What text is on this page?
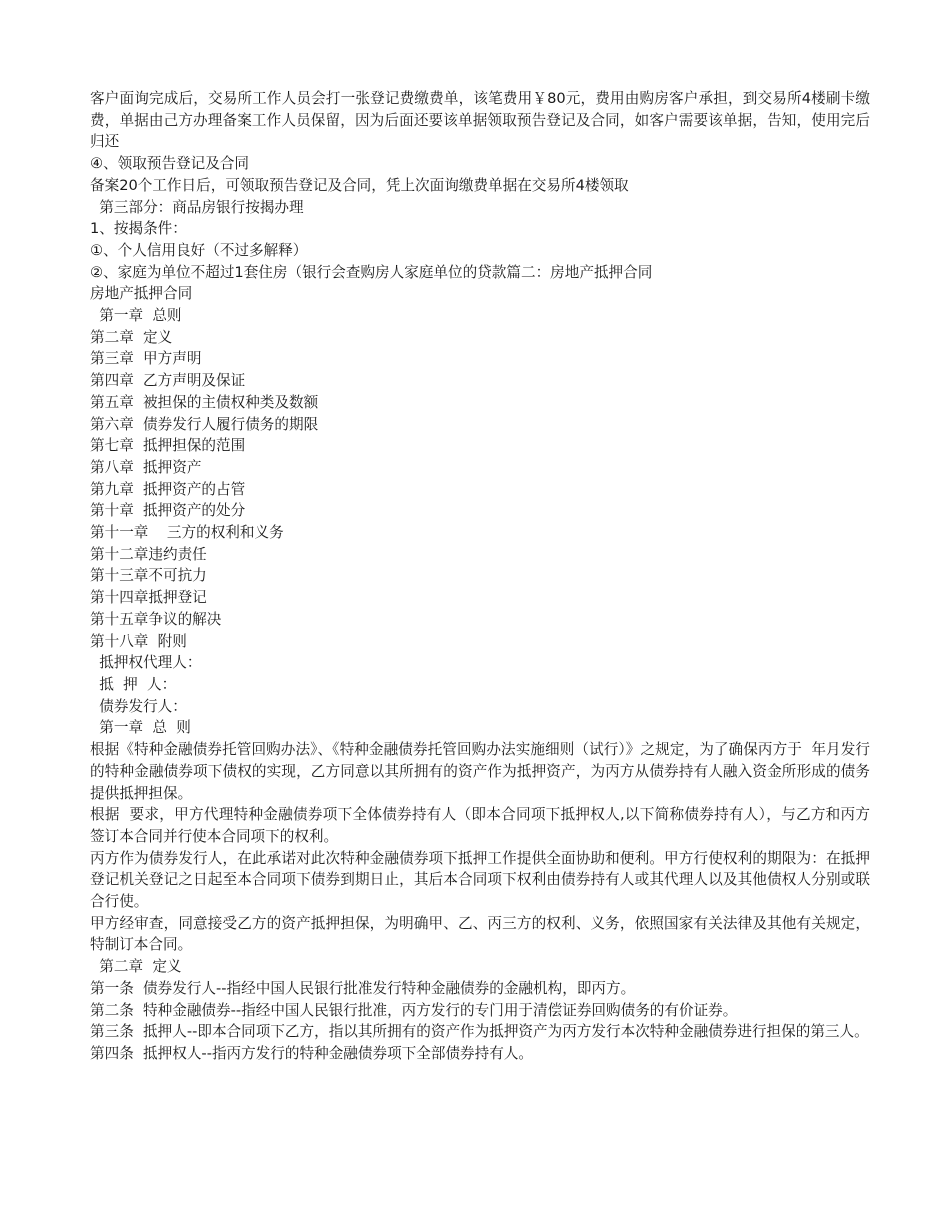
客户面询完成后，交易所工作人员会打一张登记费缴费单，该笔费用￥80元，费用由购房客户承担，到交易所4楼刷卡缴费，单据由己方办理备案工作人员保留，因为后面还要该单据领取预告登记及合同，如客户需要该单据，告知，使用完后归还

④、领取预告登记及合同

备案20个工作日后，可领取预告登记及合同，凭上次面询缴费单据在交易所4楼领取

第三部分：商品房银行按揭办理

1、按揭条件：

①、个人信用良好（不过多解释）

②、家庭为单位不超过1套住房（银行会查购房人家庭单位的贷款篇二：房地产抵押合同

房地产抵押合同

第一章  总则

第二章  定义

第三章  甲方声明

第四章  乙方声明及保证

第五章  被担保的主债权种类及数额

第六章  债券发行人履行债务的期限

第七章  抵押担保的范围

第八章  抵押资产

第九章  抵押资产的占管

第十章  抵押资产的处分

第十一章    三方的权利和义务

第十二章违约责任

第十三章不可抗力

第十四章抵押登记

第十五章争议的解决

第十八章  附则

抵押权代理人：

抵  押  人：

债券发行人：

第一章  总  则

根据《特种金融债券托管回购办法》、《特种金融债券托管回购办法实施细则（试行）》之规定，为了确保丙方于  年月发行的特种金融债券项下债权的实现，乙方同意以其所拥有的资产作为抵押资产，为丙方从债券持有人融入资金所形成的债务提供抵押担保。

根据  要求，甲方代理特种金融债券项下全体债券持有人（即本合同项下抵押权人,以下简称债券持有人），与乙方和丙方签订本合同并行使本合同项下的权利。

丙方作为债券发行人，在此承诺对此次特种金融债券项下抵押工作提供全面协助和便利。甲方行使权利的期限为：在抵押登记机关登记之日起至本合同项下债券到期日止，其后本合同项下权利由债券持有人或其代理人以及其他债权人分别或联合行使。

甲方经审查，同意接受乙方的资产抵押担保，为明确甲、乙、丙三方的权利、义务，依照国家有关法律及其他有关规定，特制订本合同。

第二章  定义

第一条  债券发行人--指经中国人民银行批准发行特种金融债券的金融机构，即丙方。

第二条  特种金融债券--指经中国人民银行批准，丙方发行的专门用于清偿证券回购债务的有价证券。

第三条  抵押人--即本合同项下乙方，指以其所拥有的资产作为抵押资产为丙方发行本次特种金融债券进行担保的第三人。

第四条  抵押权人--指丙方发行的特种金融债券项下全部债券持有人。
